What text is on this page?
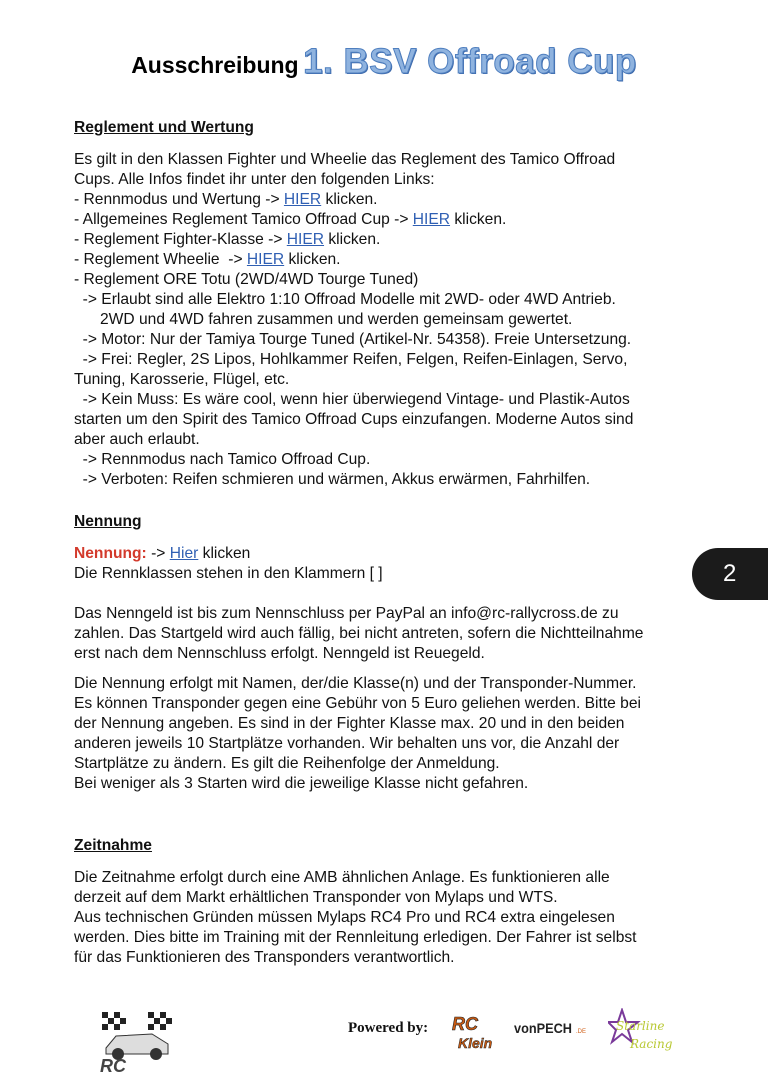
Ausschreibung 1. BSV Offroad Cup
Reglement und Wertung
Es gilt in den Klassen Fighter und Wheelie das Reglement des Tamico Offroad
Cups. Alle Infos findet ihr unter den folgenden Links:
- Rennmodus und Wertung -> HIER klicken.
- Allgemeines Reglement Tamico Offroad Cup -> HIER klicken.
- Reglement Fighter-Klasse -> HIER klicken.
- Reglement Wheelie  -> HIER klicken.
- Reglement ORE Totu (2WD/4WD Tourge Tuned)
-> Erlaubt sind alle Elektro 1:10 Offroad Modelle mit 2WD- oder 4WD Antrieb.
2WD und 4WD fahren zusammen und werden gemeinsam gewertet.
-> Motor: Nur der Tamiya Tourge Tuned (Artikel-Nr. 54358). Freie Untersetzung.
-> Frei: Regler, 2S Lipos, Hohlkammer Reifen, Felgen, Reifen-Einlagen, Servo,
Tuning, Karosserie, Flügel, etc.
-> Kein Muss: Es wäre cool, wenn hier überwiegend Vintage- und Plastik-Autos
starten um den Spirit des Tamico Offroad Cups einzufangen. Moderne Autos sind
aber auch erlaubt.
-> Rennmodus nach Tamico Offroad Cup.
-> Verboten: Reifen schmieren und wärmen, Akkus erwärmen, Fahrhilfen.
Nennung
Nennung: -> Hier klicken
Die Rennklassen stehen in den Klammern [ ]
Das Nenngeld ist bis zum Nennschluss per PayPal an info@rc-rallycross.de zu
zahlen. Das Startgeld wird auch fällig, bei nicht antreten, sofern die Nichtteilnahme
erst nach dem Nennschluss erfolgt. Nenngeld ist Reuegeld.
Die Nennung erfolgt mit Namen, der/die Klasse(n) und der Transponder-Nummer.
Es können Transponder gegen eine Gebühr von 5 Euro geliehen werden. Bitte bei
der Nennung angeben. Es sind in der Fighter Klasse max. 20 und in den beiden
anderen jeweils 10 Startplätze vorhanden. Wir behalten uns vor, die Anzahl der
Startplätze zu ändern. Es gilt die Reihenfolge der Anmeldung.
Bei weniger als 3 Starten wird die jeweilige Klasse nicht gefahren.
Zeitnahme
Die Zeitnahme erfolgt durch eine AMB ähnlichen Anlage. Es funktionieren alle
derzeit auf dem Markt erhältlichen Transponder von Mylaps und WTS.
Aus technischen Gründen müssen Mylaps RC4 Pro und RC4 extra eingelesen
werden. Dies bitte im Training mit der Rennleitung erledigen. Der Fahrer ist selbst
für das Funktionieren des Transponders verantwortlich.
2
RC
Powered by: RC
Klein
vonPECH .DE Starline
Racing
